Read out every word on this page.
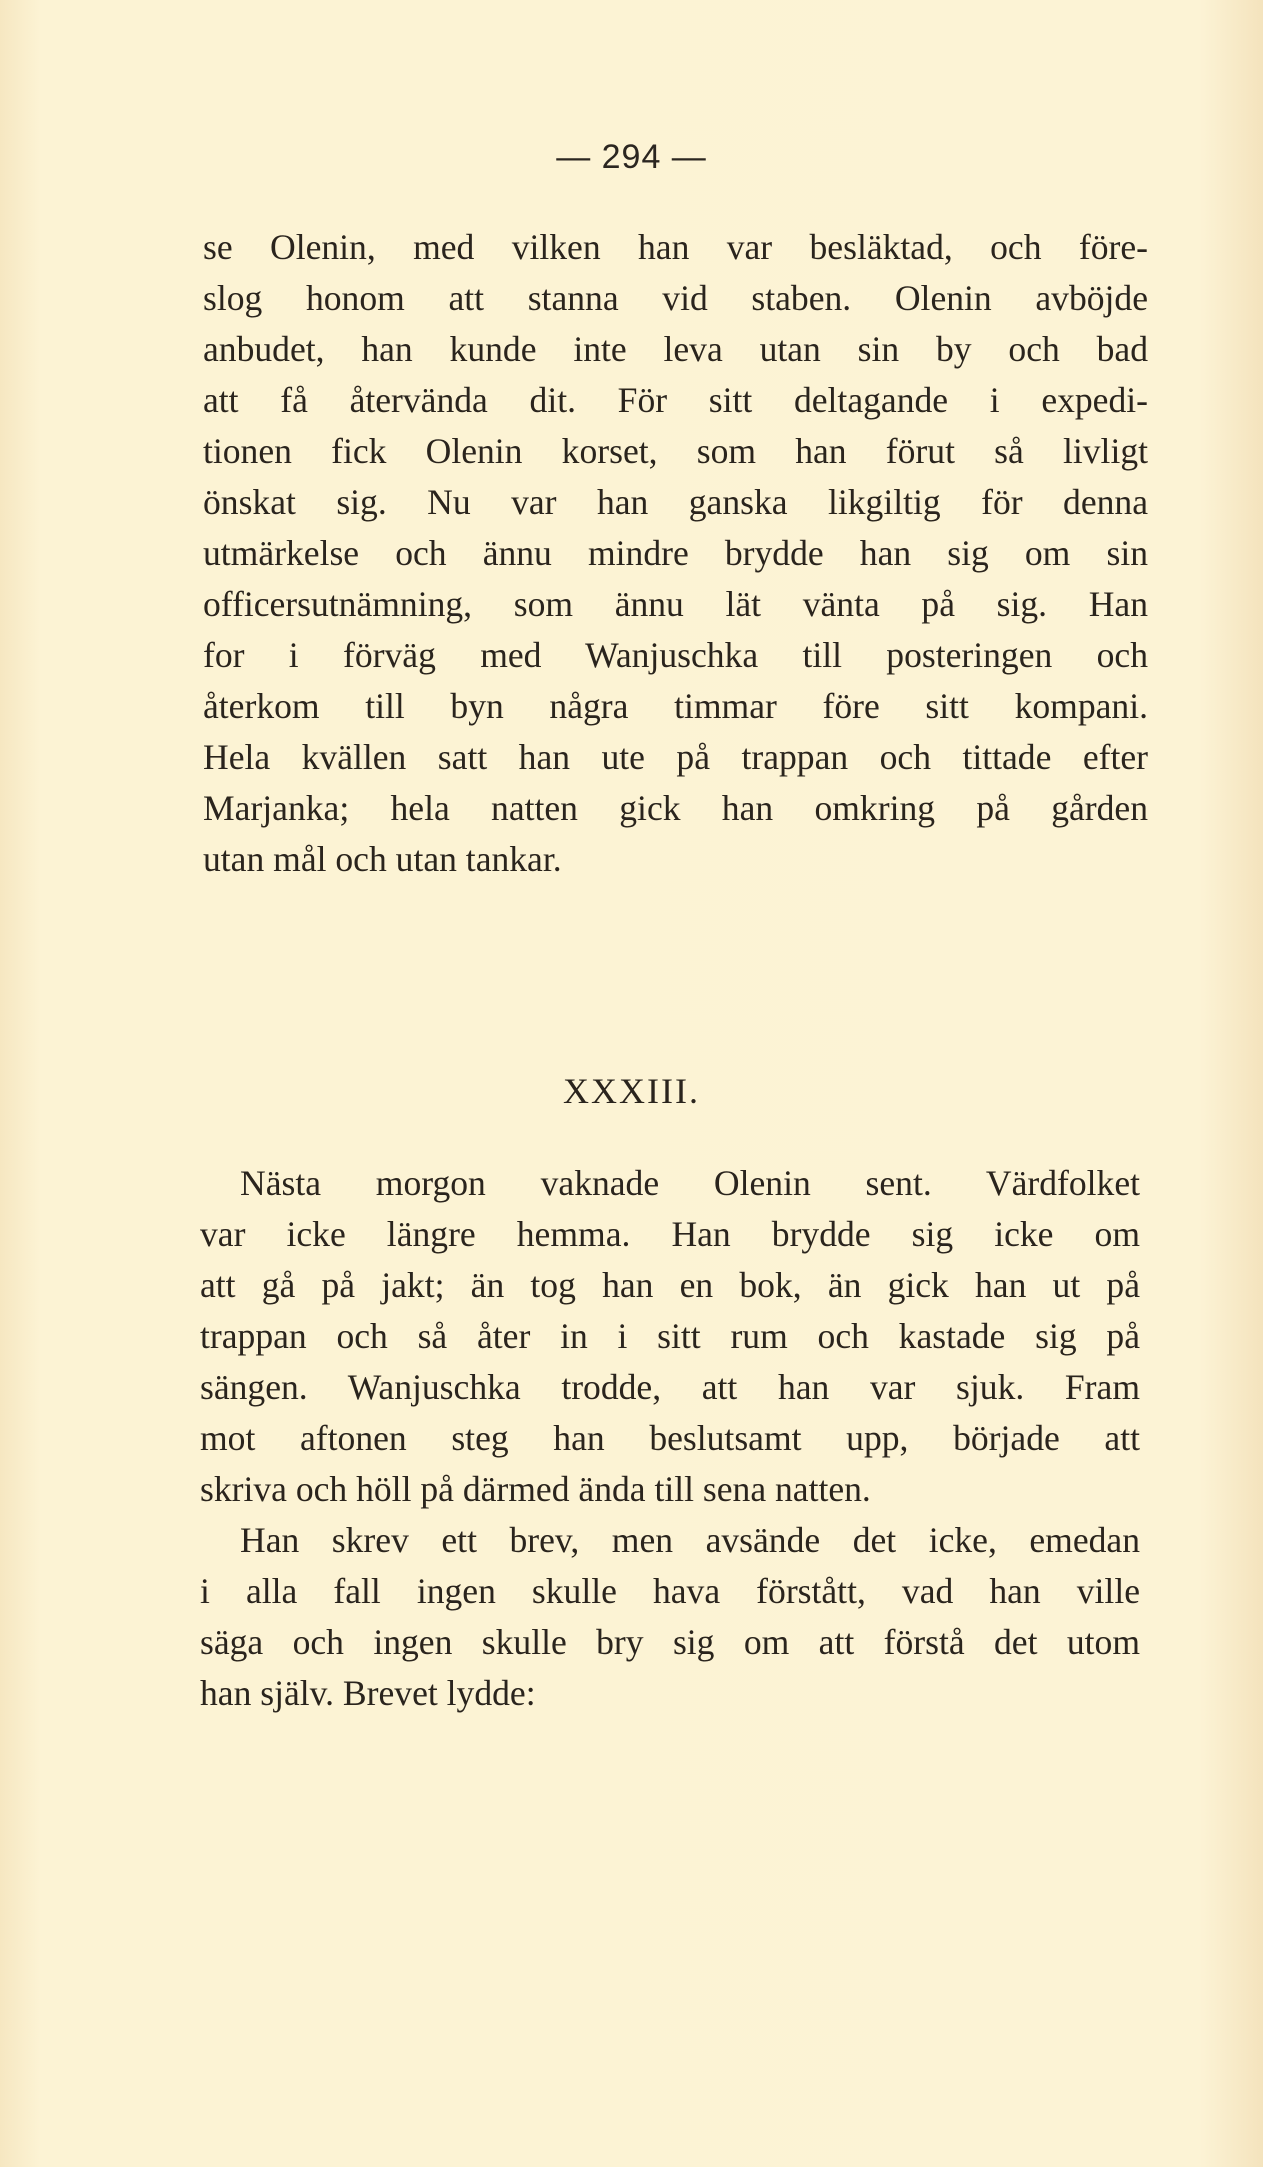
— 294 —
se Olenin, med vilken han var besläktad, och före-
slog honom att stanna vid staben. Olenin avböjde
anbudet, han kunde inte leva utan sin by och bad
att få återvända dit. För sitt deltagande i expedi-
tionen fick Olenin korset, som han förut så livligt
önskat sig. Nu var han ganska likgiltig för denna
utmärkelse och ännu mindre brydde han sig om sin
officersutnämning, som ännu lät vänta på sig. Han
for i förväg med Wanjuschka till posteringen och
återkom till byn några timmar före sitt kompani.
Hela kvällen satt han ute på trappan och tittade efter
Marjanka; hela natten gick han omkring på gården
utan mål och utan tankar.
XXXIII.
Nästa morgon vaknade Olenin sent. Värdfolket
var icke längre hemma. Han brydde sig icke om
att gå på jakt; än tog han en bok, än gick han ut på
trappan och så åter in i sitt rum och kastade sig på
sängen. Wanjuschka trodde, att han var sjuk. Fram
mot aftonen steg han beslutsamt upp, började att
skriva och höll på därmed ända till sena natten.
Han skrev ett brev, men avsände det icke, emedan
i alla fall ingen skulle hava förstått, vad han ville
säga och ingen skulle bry sig om att förstå det utom
han själv. Brevet lydde:
